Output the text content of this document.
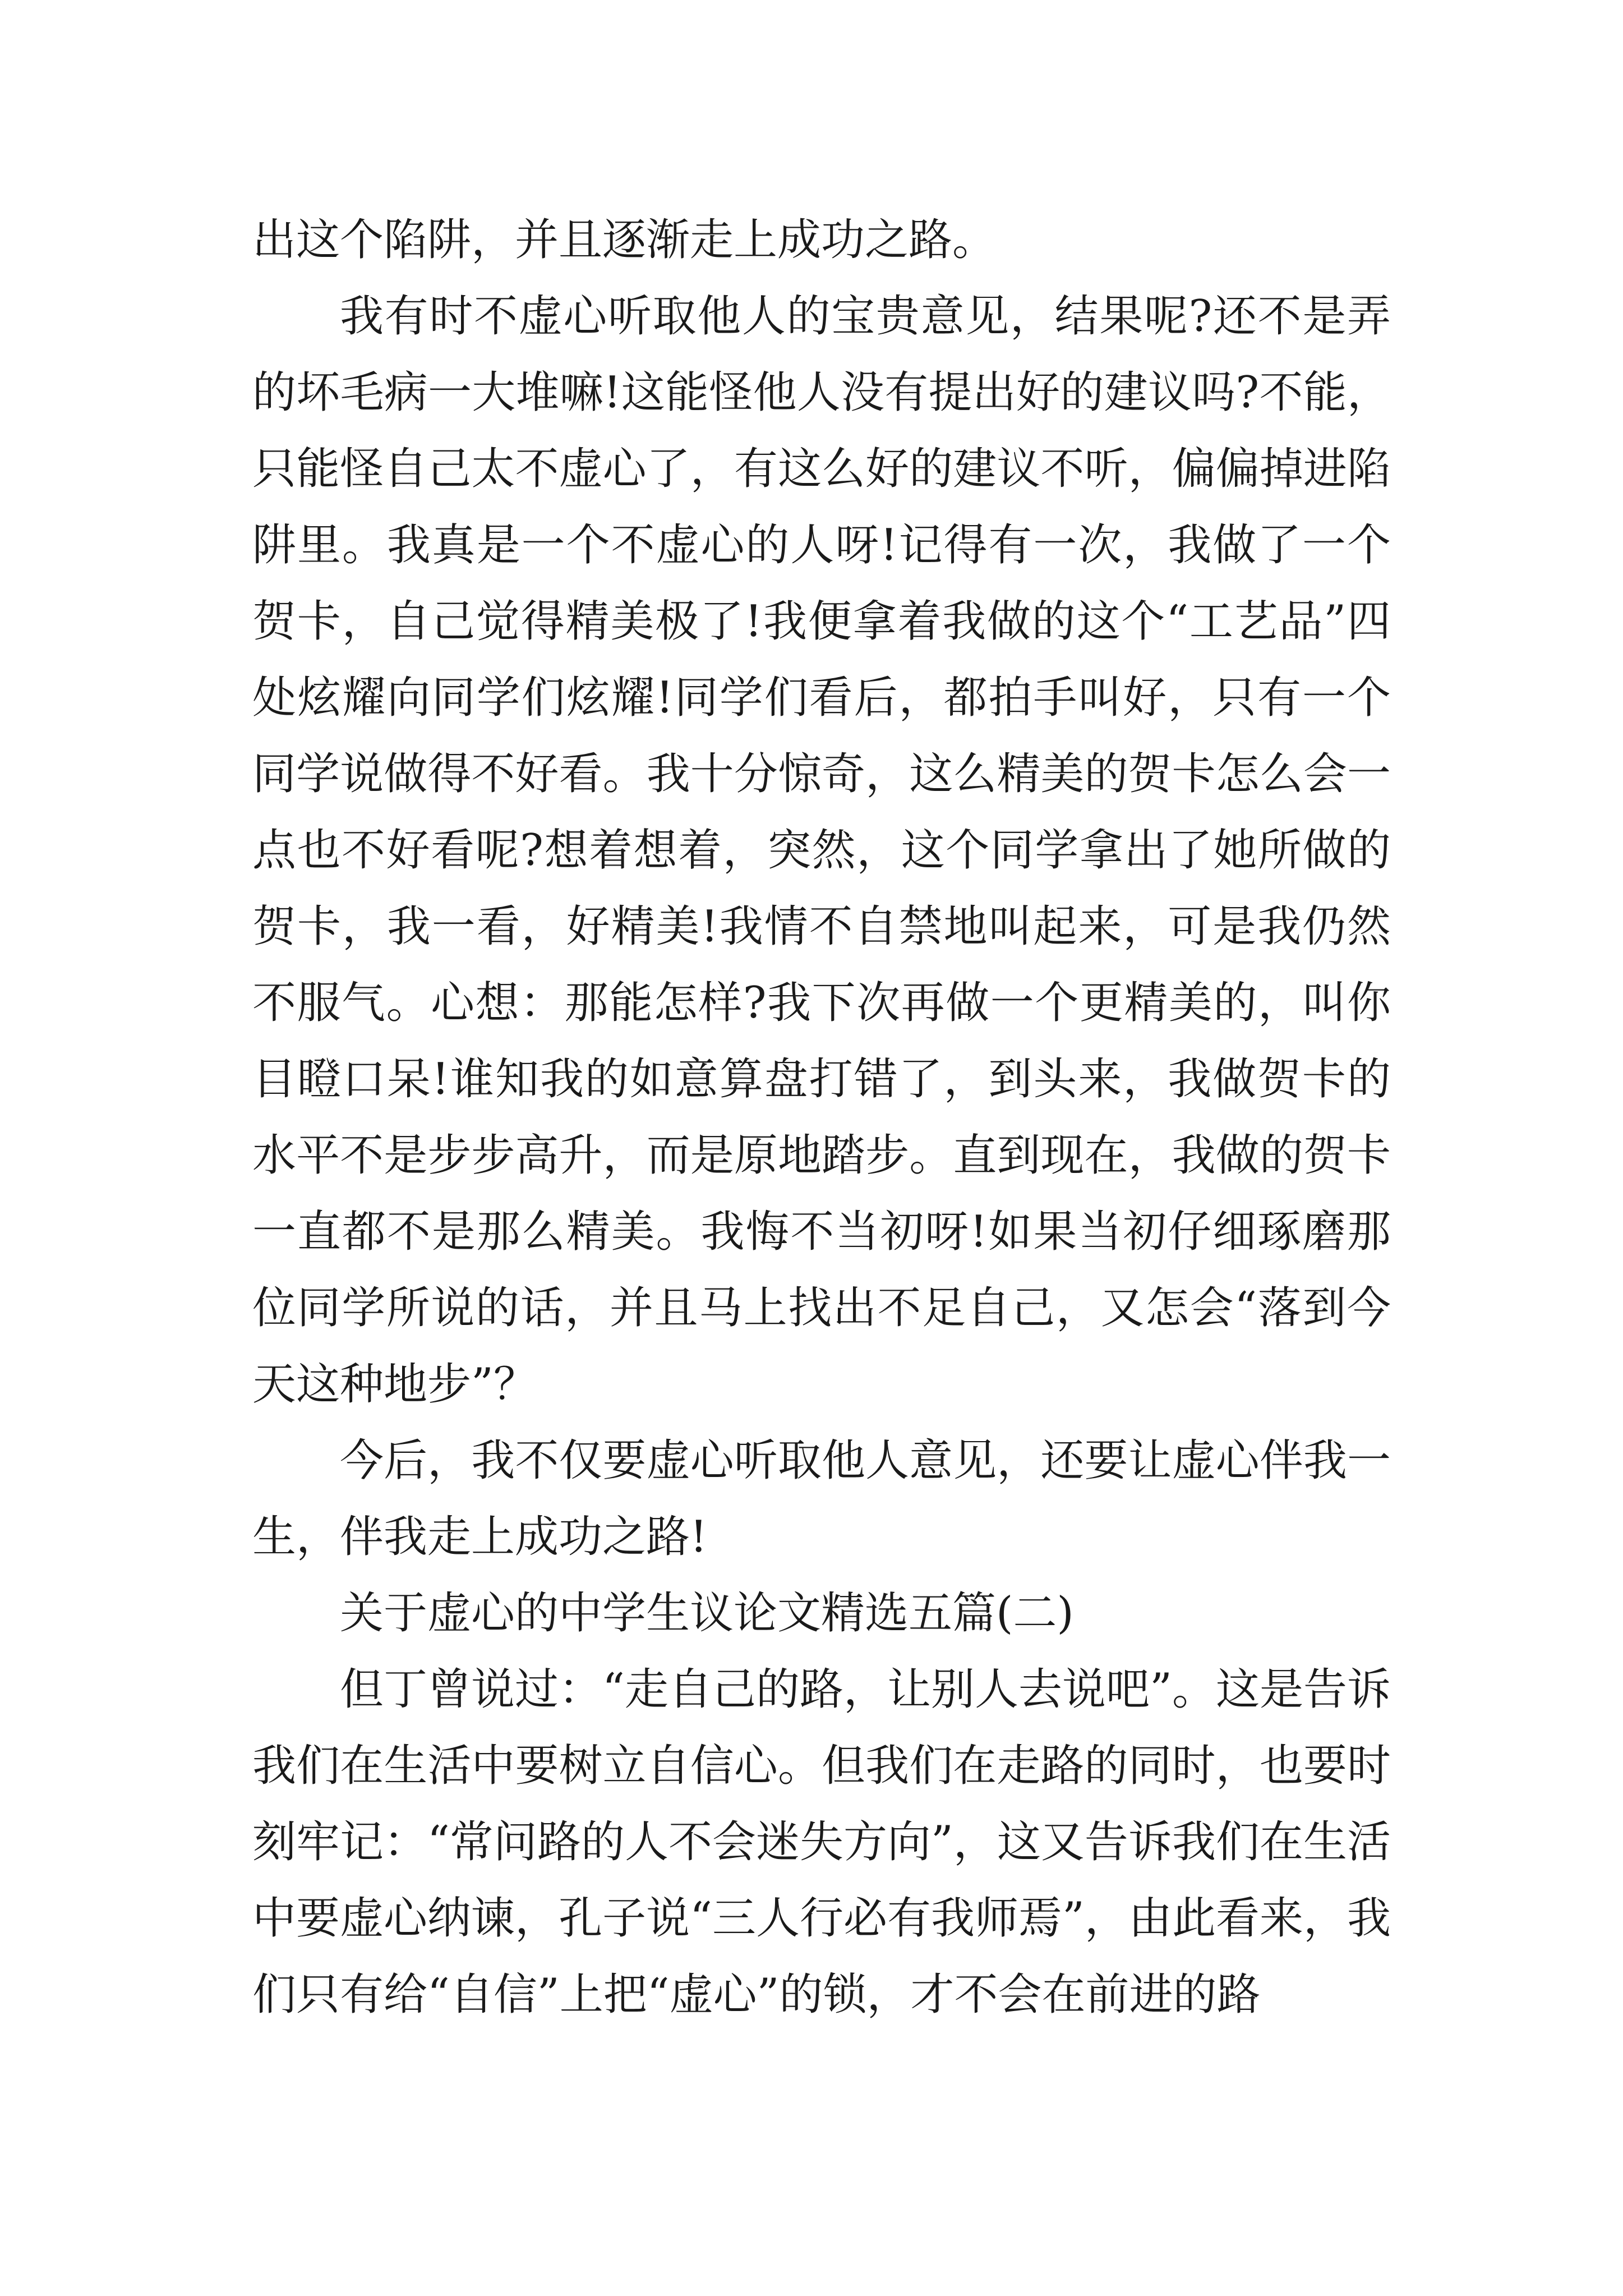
出这个陷阱，并且逐渐走上成功之路。

我有时不虚心听取他人的宝贵意见，结果呢?还不是弄的坏毛病一大堆嘛!这能怪他人没有提出好的建议吗?不能，只能怪自己太不虚心了，有这么好的建议不听，偏偏掉进陷阱里。我真是一个不虚心的人呀!记得有一次，我做了一个贺卡，自己觉得精美极了!我便拿着我做的这个“工艺品”四处炫耀向同学们炫耀!同学们看后，都拍手叫好，只有一个同学说做得不好看。我十分惊奇，这么精美的贺卡怎么会一点也不好看呢?想着想着，突然，这个同学拿出了她所做的贺卡，我一看，好精美!我情不自禁地叫起来，可是我仍然不服气。心想：那能怎样?我下次再做一个更精美的，叫你目瞪口呆!谁知我的如意算盘打错了，到头来，我做贺卡的水平不是步步高升，而是原地踏步。直到现在，我做的贺卡一直都不是那么精美。我悔不当初呀!如果当初仔细琢磨那位同学所说的话，并且马上找出不足自己，又怎会“落到今天这种地步”？

今后，我不仅要虚心听取他人意见，还要让虚心伴我一生，伴我走上成功之路!

关于虚心的中学生议论文精选五篇(二)

但丁曾说过：“走自己的路，让别人去说吧”。这是告诉我们在生活中要树立自信心。但我们在走路的同时，也要时刻牢记：“常问路的人不会迷失方向”，这又告诉我们在生活中要虚心纳谏，孔子说“三人行必有我师焉”，由此看来，我们只有给“自信”上把“虚心”的锁，才不会在前进的路
